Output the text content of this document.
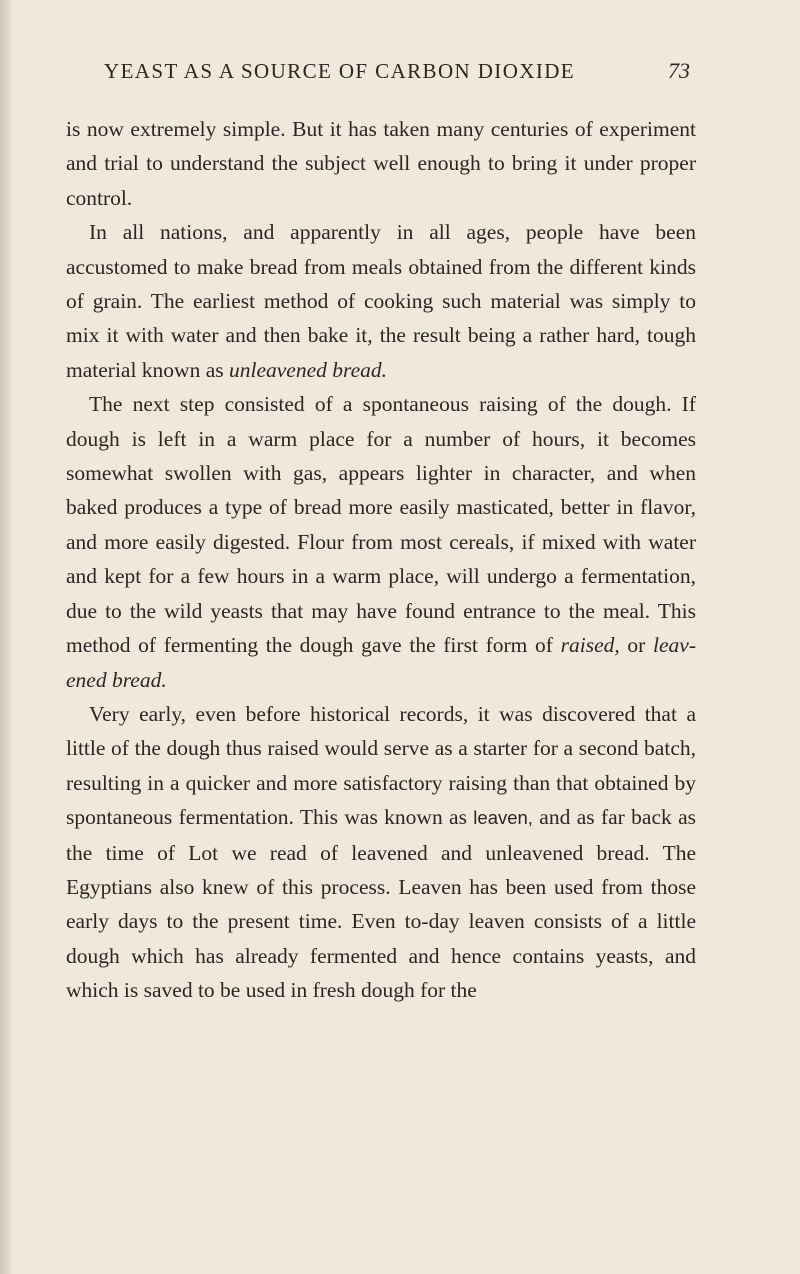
YEAST AS A SOURCE OF CARBON DIOXIDE	73

is now extremely simple. But it has taken many centuries of experiment and trial to understand the subject well enough to bring it under proper control.

In all nations, and apparently in all ages, people have been accustomed to make bread from meals obtained from the different kinds of grain. The earliest method of cooking such material was simply to mix it with water and then bake it, the result being a rather hard, tough material known as unleavened bread.

The next step consisted of a spontaneous raising of the dough. If dough is left in a warm place for a number of hours, it becomes somewhat swollen with gas, appears lighter in character, and when baked produces a type of bread more easily masticated, better in flavor, and more easily digested. Flour from most cereals, if mixed with water and kept for a few hours in a warm place, will undergo a fermentation, due to the wild yeasts that may have found entrance to the meal. This method of fermenting the dough gave the first form of raised, or leavened bread.

Very early, even before historical records, it was discovered that a little of the dough thus raised would serve as a starter for a second batch, resulting in a quicker and more satisfactory raising than that obtained by spontaneous fermentation. This was known as leaven, and as far back as the time of Lot we read of leavened and unleavened bread. The Egyptians also knew of this process. Leaven has been used from those early days to the present time. Even to-day leaven consists of a little dough which has already fermented and hence contains yeasts, and which is saved to be used in fresh dough for the
